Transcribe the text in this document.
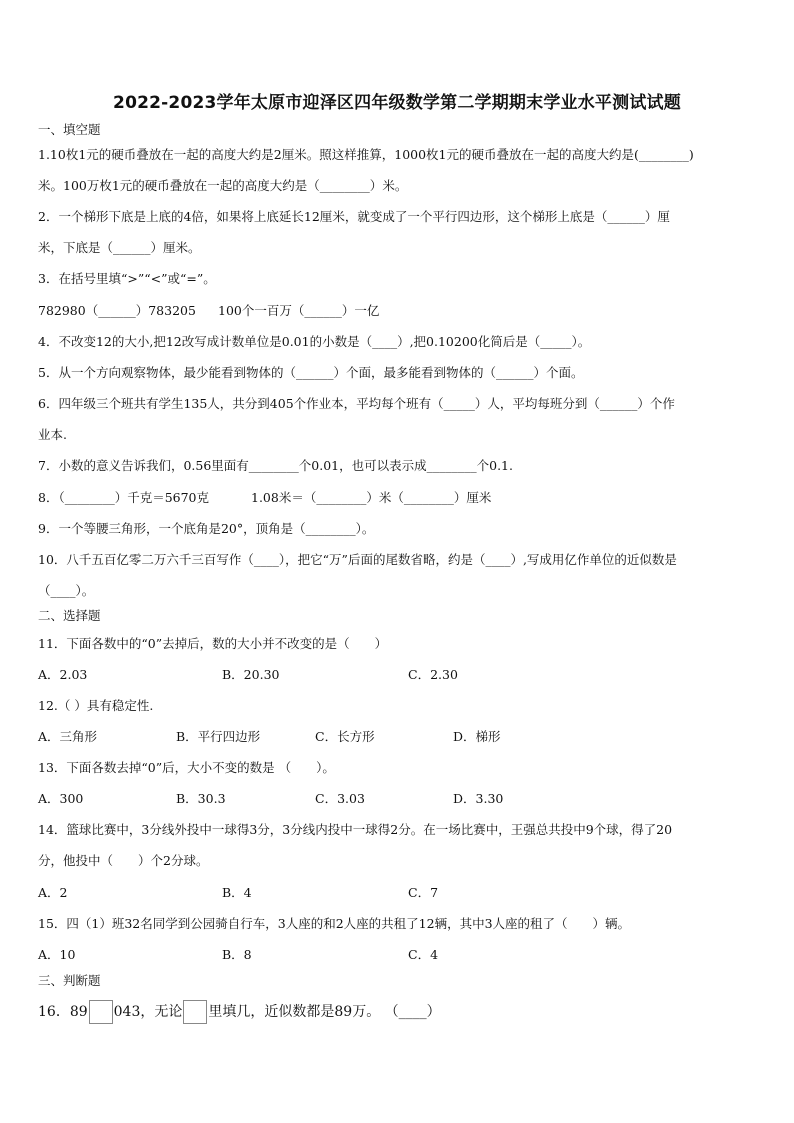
2022-2023学年太原市迎泽区四年级数学第二学期期末学业水平测试试题
一、填空题
1.10枚1元的硬币叠放在一起的高度大约是2厘米。照这样推算，1000枚1元的硬币叠放在一起的高度大约是(________)
米。100万枚1元的硬币叠放在一起的高度大约是（________）米。
2．一个梯形下底是上底的4倍，如果将上底延长12厘米，就变成了一个平行四边形，这个梯形上底是（______）厘
米，下底是（______）厘米。
3．在括号里填“>”“<”或“=”。
782980（______）783205 100个一百万（______）一亿
4．不改变12的大小,把12改写成计数单位是0.01的小数是（____）,把0.10200化简后是（_____）。
5．从一个方向观察物体，最少能看到物体的（______）个面，最多能看到物体的（______）个面。
6．四年级三个班共有学生135人，共分到405个作业本，平均每个班有（_____）人，平均每班分到（______）个作
业本.
7．小数的意义告诉我们，0.56里面有________个0.01，也可以表示成________个0.1.
8．（________）千克＝5670克	1.08米＝（________）米（________）厘米
9．一个等腰三角形，一个底角是20°，顶角是（________）。
10．八千五百亿零二万六千三百写作（____），把它“万”后面的尾数省略，约是（____）,写成用亿作单位的近似数是
（____）。
二、选择题
11．下面各数中的“0”去掉后，数的大小并不改变的是（　　）
A．2.03	B．20.30	C．2.30
12.（ ）具有稳定性.
A．三角形	B．平行四边形	C．长方形	D．梯形
13．下面各数去掉“0”后，大小不变的数是 （　　）。
A．300	B．30.3	C．3.03	D．3.30
14．篮球比赛中，3分线外投中一球得3分，3分线内投中一球得2分。在一场比赛中，王强总共投中9个球，得了20
分，他投中（　　）个2分球。
A．2	B．4	C．7
15．四（1）班32名同学到公园骑自行车，3人座的和2人座的共租了12辆，其中3人座的租了（　　）辆。
A．10	B．8	C．4
三、判断题
16．89 043，无论 里填几，近似数都是89万。 （____）
